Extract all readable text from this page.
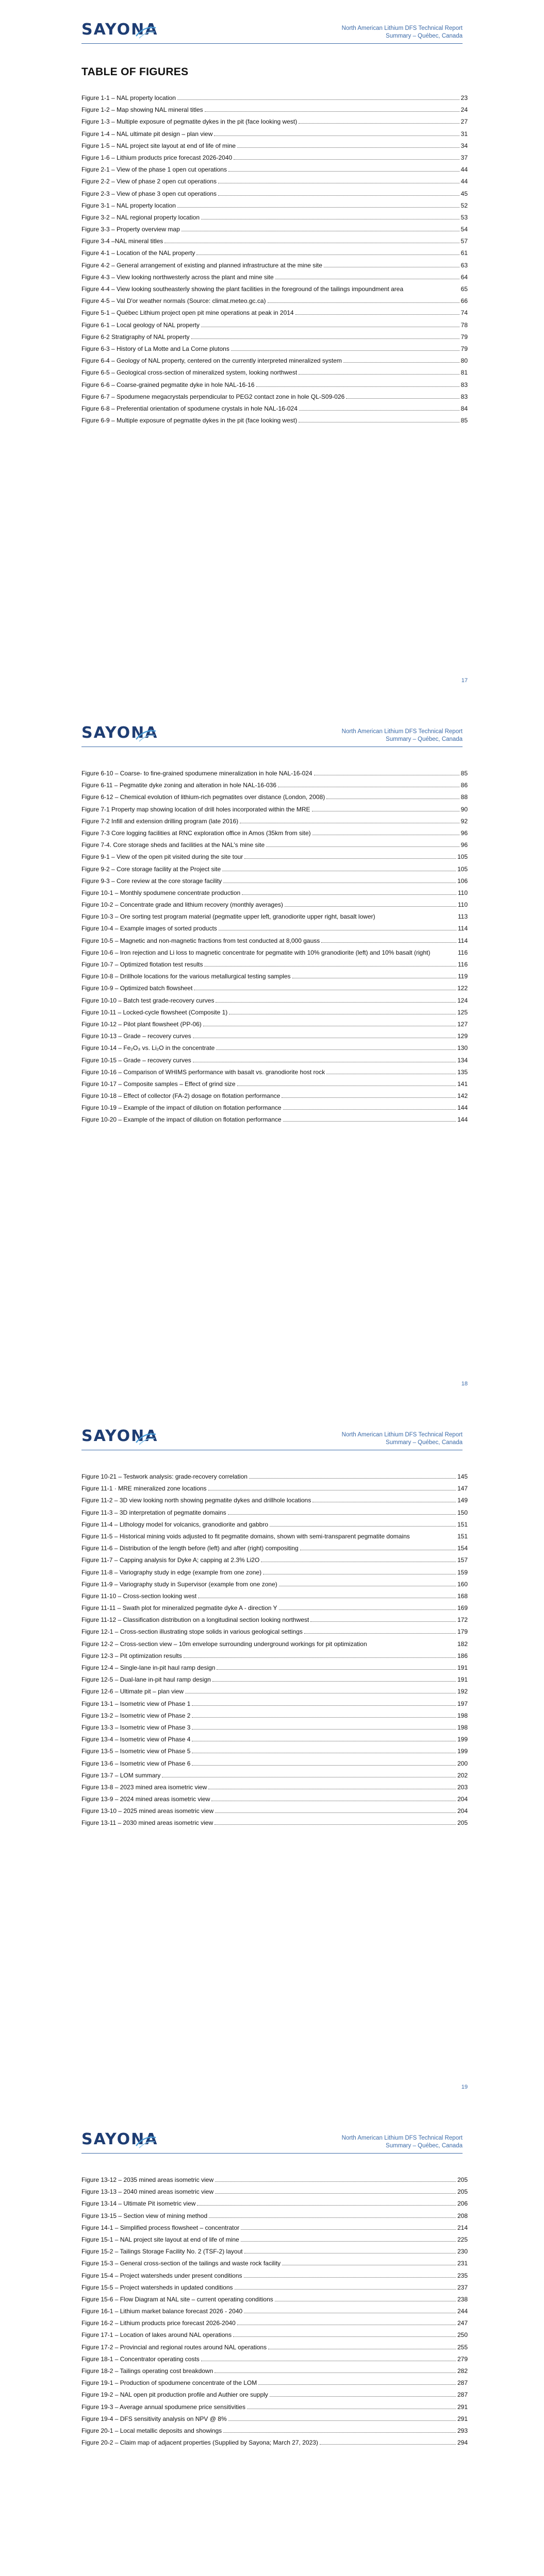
SAYONA	North American Lithium DFS Technical Report
Summary – Québec, Canada
TABLE OF FIGURES
Figure 1-1 – NAL property location	23
Figure 1-2 – Map showing NAL mineral titles	24
Figure 1-3 – Multiple exposure of pegmatite dykes in the pit (face looking west)	27
Figure 1-4 – NAL ultimate pit design – plan view	31
Figure 1-5 – NAL project site layout at end of life of mine	34
Figure 1-6 – Lithium products price forecast 2026-2040	37
Figure 2-1 – View of the phase 1 open cut operations	44
Figure 2-2 – View of phase 2 open cut operations	44
Figure 2-3 – View of phase 3 open cut operations	45
Figure 3-1 – NAL property location	52
Figure 3-2 – NAL regional property location	53
Figure 3-3 – Property overview map	54
Figure 3-4 –NAL mineral titles	57
Figure 4-1 – Location of the NAL property	61
Figure 4-2 – General arrangement of existing and planned infrastructure at the mine site	63
Figure 4-3 – View looking northwesterly across the plant and mine site	64
Figure 4-4 – View looking southeasterly showing the plant facilities in the foreground of the tailings impoundment area	65
Figure 4-5 – Val D'or weather normals (Source: climat.meteo.gc.ca)	66
Figure 5-1 – Québec Lithium project open pit mine operations at peak in 2014	74
Figure 6-1 – Local geology of NAL property	78
Figure 6-2 Stratigraphy of NAL property	79
Figure 6-3 – History of La Motte and La Corne plutons	79
Figure 6-4 – Geology of NAL property, centered on the currently interpreted mineralized system	80
Figure 6-5 – Geological cross-section of mineralized system, looking northwest	81
Figure 6-6 – Coarse-grained pegmatite dyke in hole NAL-16-16	83
Figure 6-7 – Spodumene megacrystals perpendicular to PEG2 contact zone in hole QL-S09-026	83
Figure 6-8 – Preferential orientation of spodumene crystals in hole NAL-16-024	84
Figure 6-9 – Multiple exposure of pegmatite dykes in the pit (face looking west)	85
17
SAYONA	North American Lithium DFS Technical Report
Summary – Québec, Canada
Figure 6-10 – Coarse- to fine-grained spodumene mineralization in hole NAL-16-024	85
Figure 6-11 – Pegmatite dyke zoning and alteration in hole NAL-16-036	86
Figure 6-12 – Chemical evolution of lithium-rich pegmatites over distance (London, 2008)	88
Figure 7-1 Property map showing location of drill holes incorporated within the MRE	90
Figure 7-2 Infill and extension drilling program (late 2016)	92
Figure 7-3 Core logging facilities at RNC exploration office in Amos (35km from site)	96
Figure 7-4. Core storage sheds and facilities at the NAL's mine site	96
Figure 9-1 – View of the open pit visited during the site tour	105
Figure 9-2 – Core storage facility at the Project site	105
Figure 9-3 – Core review at the core storage facility	106
Figure 10-1 – Monthly spodumene concentrate production	110
Figure 10-2 – Concentrate grade and lithium recovery (monthly averages)	110
Figure 10-3 – Ore sorting test program material (pegmatite upper left, granodiorite upper right, basalt lower)	113
Figure 10-4 – Example images of sorted products	114
Figure 10-5 – Magnetic and non-magnetic fractions from test conducted at 8,000 gauss	114
Figure 10-6 – Iron rejection and Li loss to magnetic concentrate for pegmatite with 10% granodiorite (left) and 10% basalt (right)	116
Figure 10-7 – Optimized flotation test results	116
Figure 10-8 – Drillhole locations for the various metallurgical testing samples	119
Figure 10-9 – Optimized batch flowsheet	122
Figure 10-10 – Batch test grade-recovery curves	124
Figure 10-11 – Locked-cycle flowsheet (Composite 1)	125
Figure 10-12 – Pilot plant flowsheet (PP-06)	127
Figure 10-13 – Grade – recovery curves	129
Figure 10-14 – Fe₂O₃ vs. Li₂O in the concentrate	130
Figure 10-15 – Grade – recovery curves	134
Figure 10-16 – Comparison of WHIMS performance with basalt vs. granodiorite host rock	135
Figure 10-17 – Composite samples – Effect of grind size	141
Figure 10-18 – Effect of collector (FA-2) dosage on flotation performance	142
Figure 10-19 – Example of the impact of dilution on flotation performance	144
Figure 10-20 – Example of the impact of dilution on flotation performance	144
18
SAYONA	North American Lithium DFS Technical Report
Summary – Québec, Canada
Figure 10-21 – Testwork analysis: grade-recovery correlation	145
Figure 11-1 · MRE mineralized zone locations	147
Figure 11-2 – 3D view looking north showing pegmatite dykes and drillhole locations	149
Figure 11-3 – 3D interpretation of pegmatite domains	150
Figure 11-4 – Lithology model for volcanics, granodiorite and gabbro	151
Figure 11-5 – Historical mining voids adjusted to fit pegmatite domains, shown with semi-transparent pegmatite domains	151
Figure 11-6 – Distribution of the length before (left) and after (right) compositing	154
Figure 11-7 – Capping analysis for Dyke A; capping at 2.3% Li2O	157
Figure 11-8 – Variography study in edge (example from one zone)	159
Figure 11-9 – Variography study in Supervisor (example from one zone)	160
Figure 11-10 – Cross-section looking west	168
Figure 11-11 – Swath plot for mineralized pegmatite dyke A - direction Y	169
Figure 11-12 – Classification distribution on a longitudinal section looking northwest	172
Figure 12-1 – Cross-section illustrating stope solids in various geological settings	179
Figure 12-2 – Cross-section view – 10m envelope surrounding underground workings for pit optimization	182
Figure 12-3 – Pit optimization results	186
Figure 12-4 – Single-lane in-pit haul ramp design	191
Figure 12-5 – Dual-lane in-pit haul ramp design	191
Figure 12-6 – Ultimate pit – plan view	192
Figure 13-1 – Isometric view of Phase 1	197
Figure 13-2 – Isometric view of Phase 2	198
Figure 13-3 – Isometric view of Phase 3	198
Figure 13-4 – Isometric view of Phase 4	199
Figure 13-5 – Isometric view of Phase 5	199
Figure 13-6 – Isometric view of Phase 6	200
Figure 13-7 – LOM summary	202
Figure 13-8 – 2023 mined area isometric view	203
Figure 13-9 – 2024 mined areas isometric view	204
Figure 13-10 – 2025 mined areas isometric view	204
Figure 13-11 – 2030 mined areas isometric view	205
19
SAYONA	North American Lithium DFS Technical Report
Summary – Québec, Canada
Figure 13-12 – 2035 mined areas isometric view	205
Figure 13-13 – 2040 mined areas isometric view	205
Figure 13-14 – Ultimate Pit isometric view	206
Figure 13-15 – Section view of mining method	208
Figure 14-1 – Simplified process flowsheet – concentrator	214
Figure 15-1 – NAL project site layout at end of life of mine	225
Figure 15-2 – Tailings Storage Facility No. 2 (TSF-2) layout	230
Figure 15-3 – General cross-section of the tailings and waste rock facility	231
Figure 15-4 – Project watersheds under present conditions	235
Figure 15-5 – Project watersheds in updated conditions	237
Figure 15-6 – Flow Diagram at NAL site – current operating conditions	238
Figure 16-1 – Lithium market balance forecast 2026 - 2040	244
Figure 16-2 – Lithium products price forecast 2026-2040	247
Figure 17-1 – Location of lakes around NAL operations	250
Figure 17-2 – Provincial and regional routes around NAL operations	255
Figure 18-1 – Concentrator operating costs	279
Figure 18-2 – Tailings operating cost breakdown	282
Figure 19-1 – Production of spodumene concentrate of the LOM	287
Figure 19-2 – NAL open pit production profile and Authier ore supply	287
Figure 19-3 – Average annual spodumene price sensitivities	291
Figure 19-4 – DFS sensitivity analysis on NPV @ 8%	291
Figure 20-1 – Local metallic deposits and showings	293
Figure 20-2 – Claim map of adjacent properties (Supplied by Sayona; March 27, 2023)	294
